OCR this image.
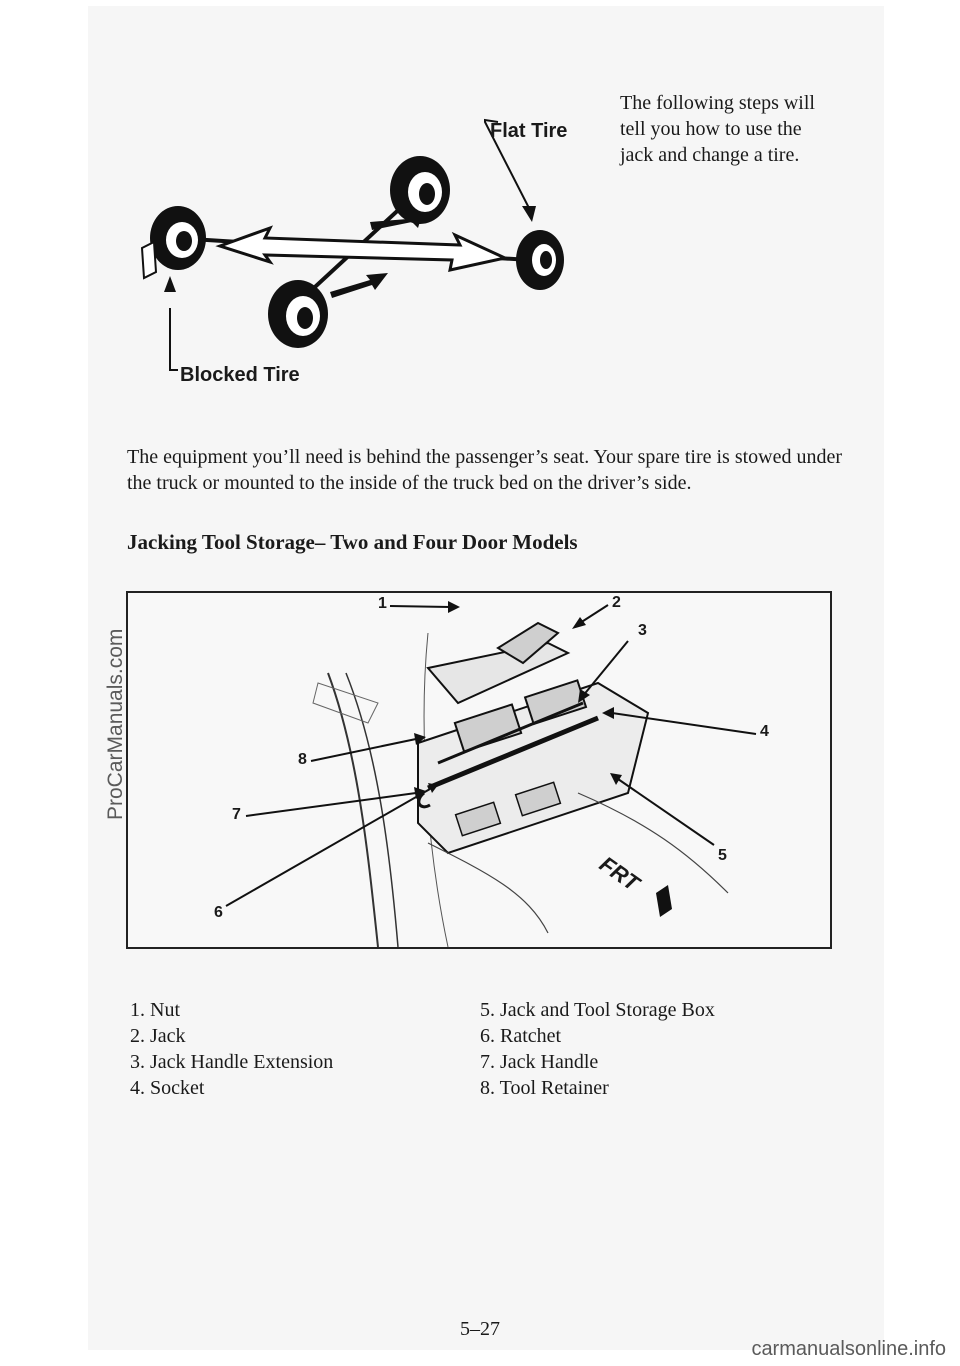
Flat Tire
Blocked Tire
The following steps will tell you how to use the jack and change a tire.
The equipment you’ll need is behind the passenger’s seat. Your spare tire is stowed under the truck or mounted to the inside of the truck bed on the driver’s side.
Jacking Tool Storage– Two and Four Door Models
1	2
3
4
5
6
7
8
FRT
1. Nut
2. Jack
3. Jack Handle Extension
4. Socket
5. Jack and Tool Storage Box
6. Ratchet
7. Jack Handle
8. Tool Retainer
5–27
ProCarManuals.com
carmanualsonline.info
